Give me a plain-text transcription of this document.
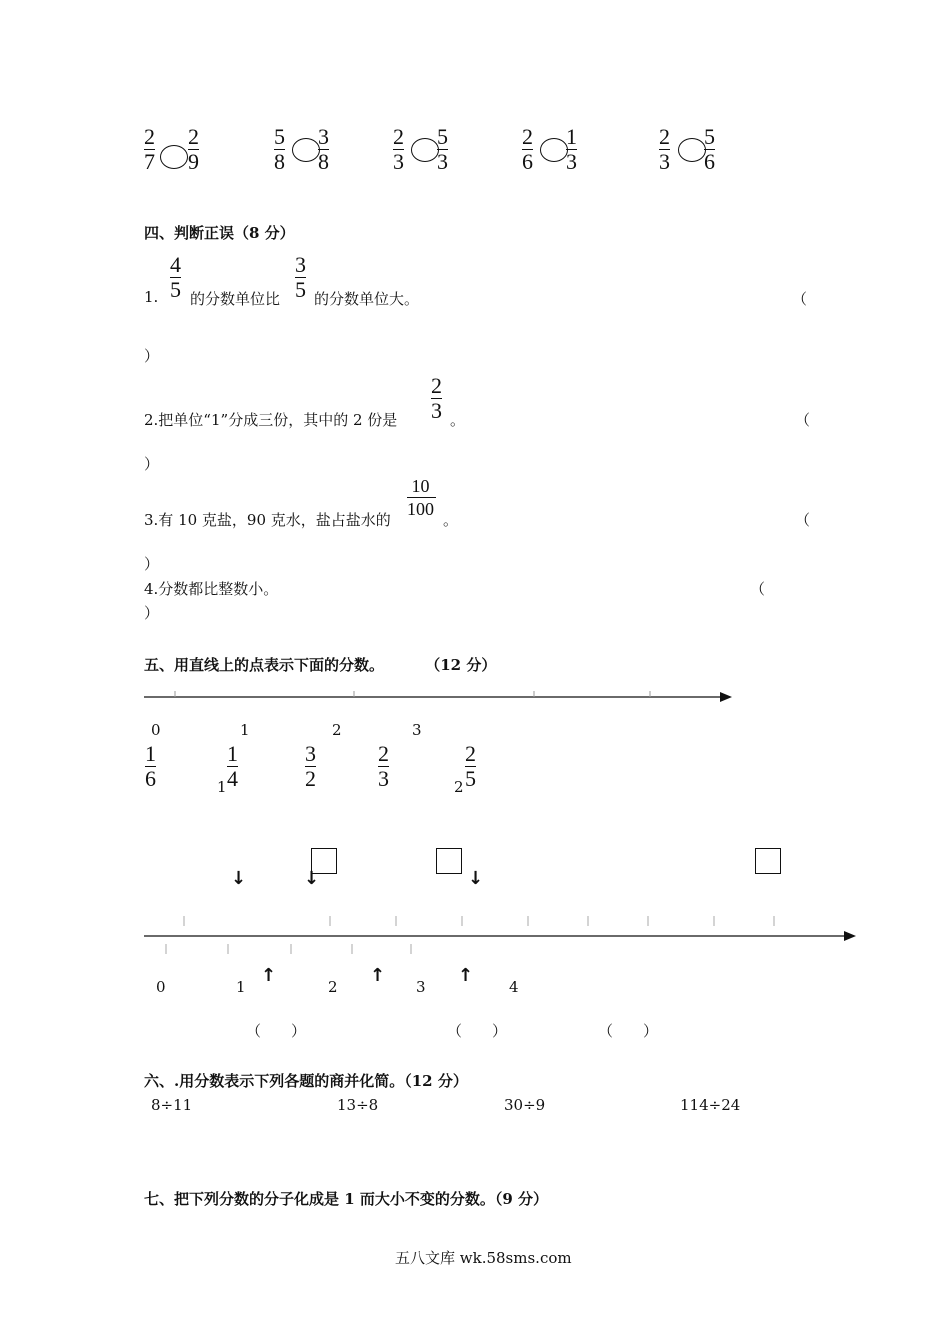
2
7
2
9
5
8
3
8
2
3
5
3
2
6
1
3
2
3
5
6
四、判断正误（8 分）
1.
4
5 的分数单位比
3
5 的分数单位大。	（
）
2.把单位“1”分成三份，其中的 2 份是
2
3 。	（
）
3.有 10 克盐，90 克水，盐占盐水的
10
100
。	（
）
4.分数都比整数小。	（
）
五、用直线上的点表示下面的分数。	（12 分）
0	1	2	3
1
6	1
1
4
3
2
2
3	2
2
5
↓	↓	↓
↑	↑	↑
0	1	2	3	4
（　　）	（　　）	（　　）
六、.用分数表示下列各题的商并化简。（12 分）
8÷11	13÷8	30÷9	114÷24
七、把下列分数的分子化成是 1 而大小不变的分数。（9 分）
五八文库 wk.58sms.com
